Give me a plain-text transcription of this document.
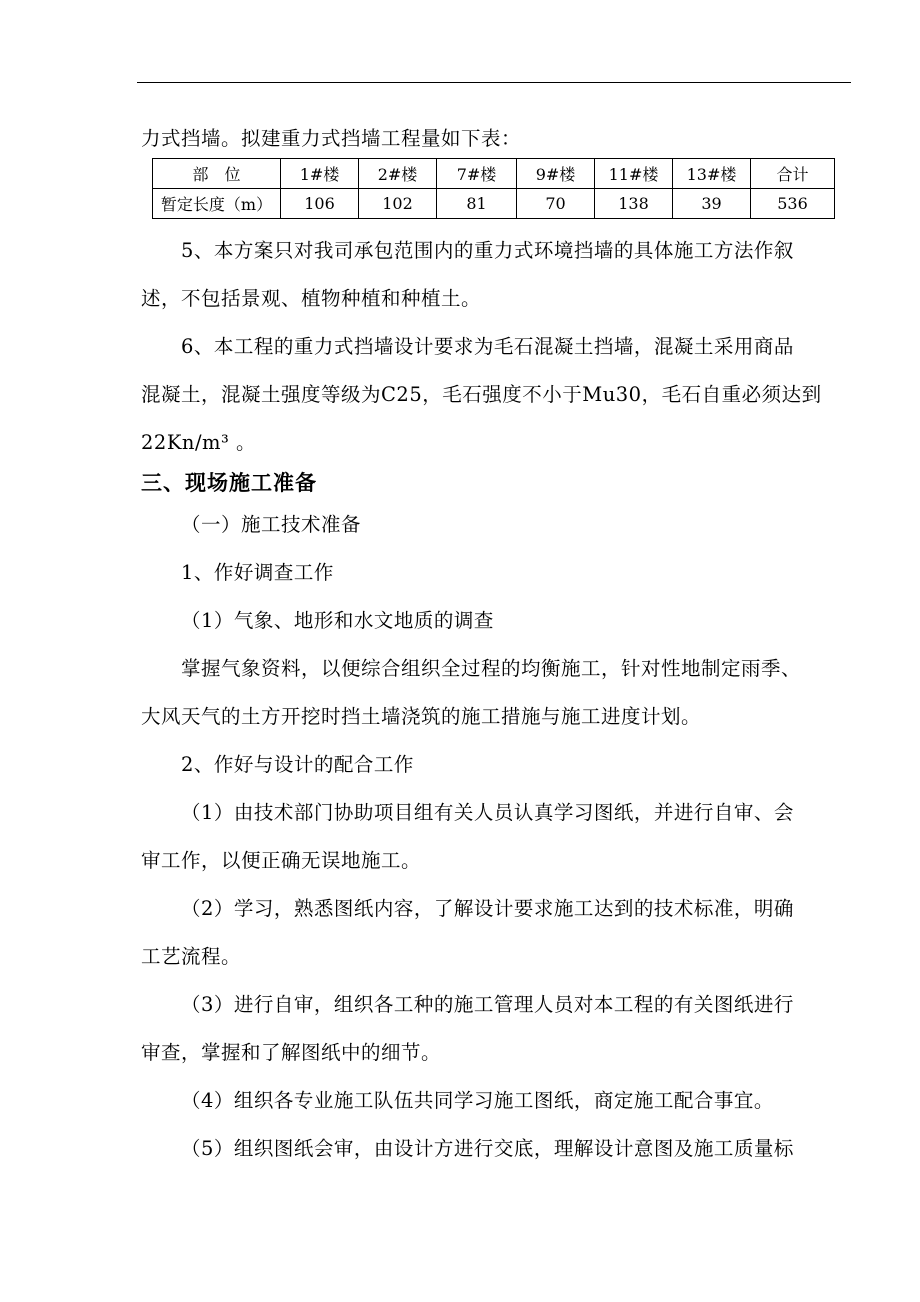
力式挡墙。拟建重力式挡墙工程量如下表：
部　位	1#楼	2#楼	7#楼	9#楼	11#楼	13#楼	合计
暂定长度（m）	106	102	81	70	138	39	536
5、本方案只对我司承包范围内的重力式环境挡墙的具体施工方法作叙
述，不包括景观、植物种植和种植土。
6、本工程的重力式挡墙设计要求为毛石混凝土挡墙，混凝土采用商品
混凝土，混凝土强度等级为C25，毛石强度不小于Mu30，毛石自重必须达到
22Kn/m³ 。
三、现场施工准备
（一）施工技术准备
1、作好调查工作
（1）气象、地形和水文地质的调查
掌握气象资料，以便综合组织全过程的均衡施工，针对性地制定雨季、
大风天气的土方开挖时挡土墙浇筑的施工措施与施工进度计划。
2、作好与设计的配合工作
（1）由技术部门协助项目组有关人员认真学习图纸，并进行自审、会
审工作，以便正确无误地施工。
（2）学习，熟悉图纸内容，了解设计要求施工达到的技术标准，明确
工艺流程。
（3）进行自审，组织各工种的施工管理人员对本工程的有关图纸进行
审查，掌握和了解图纸中的细节。
（4）组织各专业施工队伍共同学习施工图纸，商定施工配合事宜。
（5）组织图纸会审，由设计方进行交底，理解设计意图及施工质量标
